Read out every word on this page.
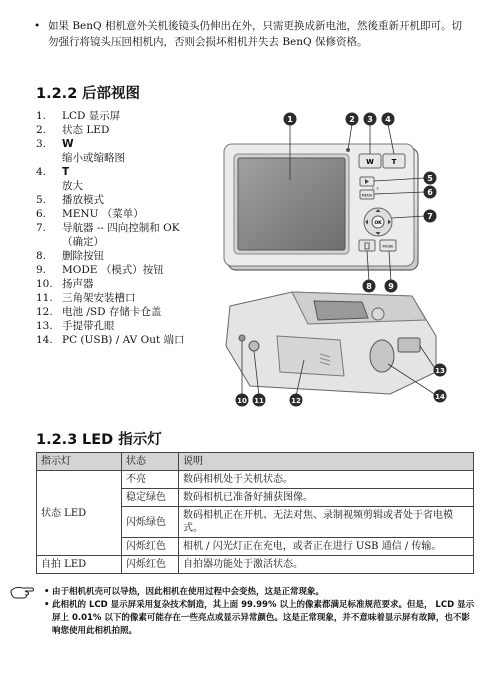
• 如果 BenQ 相机意外关机後镜头仍伸出在外，只需更换成新电池，然後重新开机即可。切勿强行将镜头压回相机内，否则会损坏相机并失去 BenQ 保修资格。
1.2.2 后部视图
1.	LCD 显示屏
2.	状态 LED
3.	W
缩小或缩略图
4.	T
放大
5.	播放模式
6.	MENU （菜单）
7.	导航器 -- 四向控制和 OK
（确定）
8.	删除按钮
9.	MODE （模式）按钮
10. 扬声器
11. 三角架安装槽口
12. 电池 /SD 存储卡仓盖
13. 手提带孔眼
14. PC (USB) / AV Out 端口
W	T
MENU
OK
MODE
c c
1	2 3 4
5
6
7
8 9
10 11	12
13
14
1.2.3 LED 指示灯
指示灯	状态	说明
状态 LED	不亮	数码相机处于关机状态。
	稳定绿色	数码相机已准备好捕获图像。
	闪烁绿色	数码相机正在开机、无法对焦、录制视频剪辑或者处于省电模式。
	闪烁红色	相机 / 闪光灯正在充电，或者正在进行 USB 通信 / 传输。
自拍 LED	闪烁红色	自拍器功能处于激活状态。
• 由于相机机壳可以导热，因此相机在使用过程中会变热，这是正常现象。
• 此相机的 LCD 显示屏采用复杂技术制造，其上面 99.99% 以上的像素都满足标准规范要求。但是， LCD 显示屏上 0.01% 以下的像素可能存在一些亮点或显示异常颜色。这是正常现象，并不意味着显示屏有故障，也不影响您使用此相机拍照。
